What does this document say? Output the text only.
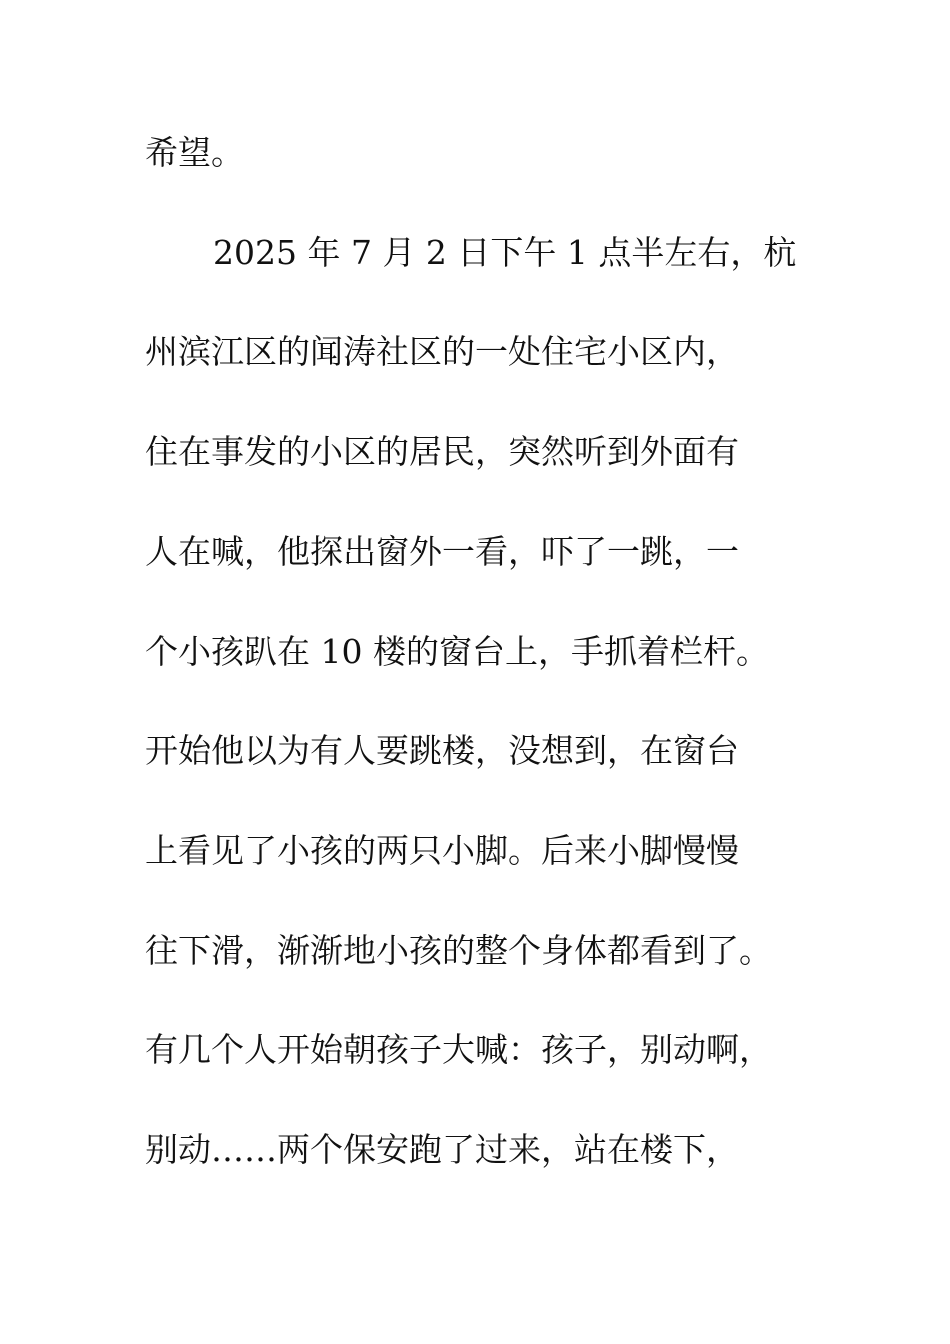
希望。
2025 年 7 月 2 日下午 1 点半左右，杭
州滨江区的闻涛社区的一处住宅小区内，
住在事发的小区的居民，突然听到外面有
人在喊，他探出窗外一看，吓了一跳，一
个小孩趴在 10 楼的窗台上，手抓着栏杆。
开始他以为有人要跳楼，没想到，在窗台
上看见了小孩的两只小脚。后来小脚慢慢
往下滑，渐渐地小孩的整个身体都看到了。
有几个人开始朝孩子大喊：孩子，别动啊，
别动……两个保安跑了过来，站在楼下，
